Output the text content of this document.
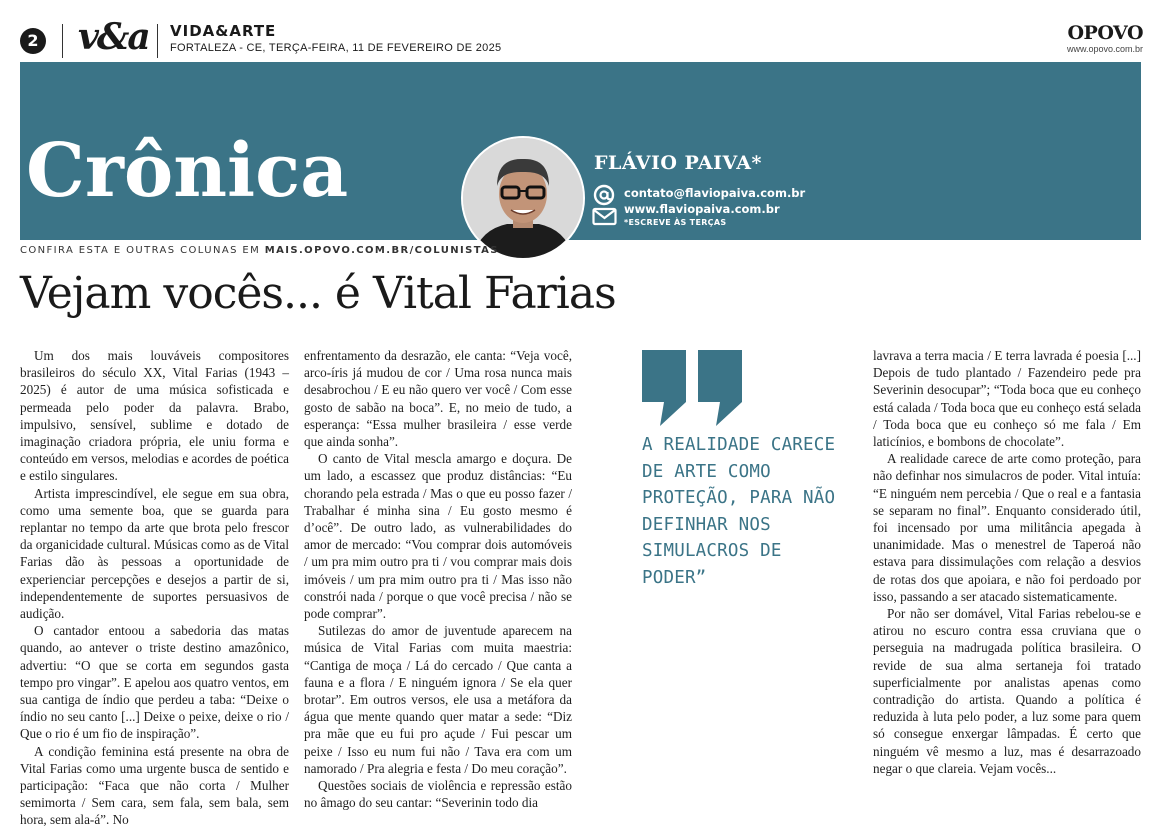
2 v&a VIDA&ARTE
FORTALEZA - CE, TERÇA-FEIRA, 11 DE FEVEREIRO DE 2025
OPOVO
www.opovo.com.br
Crônica	FLÁVIO PAIVA*
contato@flaviopaiva.com.br
www.flaviopaiva.com.br
*ESCREVE ÀS TERÇAS
CONFIRA ESTA E OUTRAS COLUNAS EM MAIS.OPOVO.COM.BR/COLUNISTAS
Vejam vocês... é Vital Farias

Um dos mais louváveis compositores brasileiros do século XX, Vital Farias (1943 – 2025) é autor de uma música sofisticada e permeada pelo poder da palavra. Brabo, impulsivo, sensível, sublime e dotado de imaginação criadora própria, ele uniu forma e conteúdo em versos, melodias e acordes de poética e estilo singulares.

Artista imprescindível, ele segue em sua obra, como uma semente boa, que se guarda para replantar no tempo da arte que brota pelo frescor da organicidade cultural. Músicas como as de Vital Farias dão às pessoas a oportunidade de experienciar percepções e desejos a partir de si, independentemente de suportes persuasivos de audição.

O cantador entoou a sabedoria das matas quando, ao antever o triste destino amazônico, advertiu: “O que se corta em segundos gasta tempo pro vingar”. E apelou aos quatro ventos, em sua cantiga de índio que perdeu a taba: “Deixe o índio no seu canto [...] Deixe o peixe, deixe o rio / Que o rio é um fio de inspiração”.

A condição feminina está presente na obra de Vital Farias como uma urgente busca de sentido e participação: “Faca que não corta / Mulher semimorta / Sem cara, sem fala, sem bala, sem hora, sem ala-á”. No

enfrentamento da desrazão, ele canta: “Veja você, arco-íris já mudou de cor / Uma rosa nunca mais desabrochou / E eu não quero ver você / Com esse gosto de sabão na boca”. E, no meio de tudo, a esperança: “Essa mulher brasileira / esse verde que ainda sonha”.

O canto de Vital mescla amargo e doçura. De um lado, a escassez que produz distâncias: “Eu chorando pela estrada / Mas o que eu posso fazer / Trabalhar é minha sina / Eu gosto mesmo é d’ocê”. De outro lado, as vulnerabilidades do amor de mercado: “Vou comprar dois automóveis / um pra mim outro pra ti / vou comprar mais dois imóveis / um pra mim outro pra ti / Mas isso não constrói nada / porque o que você precisa / não se pode comprar”.

Sutilezas do amor de juventude aparecem na música de Vital Farias com muita maestria: “Cantiga de moça / Lá do cercado / Que canta a fauna e a flora / E ninguém ignora / Se ela quer brotar”. Em outros versos, ele usa a metáfora da água que mente quando quer matar a sede: “Diz pra mãe que eu fui pro açude / Fui pescar um peixe / Isso eu num fui não / Tava era com um namorado / Pra alegria e festa / Do meu coração”.

Questões sociais de violência e repressão estão no âmago do seu cantar: “Severinin todo dia

A REALIDADE CARECE DE ARTE COMO PROTEÇÃO, PARA NÃO DEFINHAR NOS SIMULACROS DE PODER”

lavrava a terra macia / E terra lavrada é poesia [...] Depois de tudo plantado / Fazendeiro pede pra Severinin desocupar”; “Toda boca que eu conheço está calada / Toda boca que eu conheço está selada / Toda boca que eu conheço só me fala / Em laticínios, e bombons de chocolate”.

A realidade carece de arte como proteção, para não definhar nos simulacros de poder. Vital intuía: “E ninguém nem percebia / Que o real e a fantasia se separam no final”. Enquanto considerado útil, foi incensado por uma militância apegada à unanimidade. Mas o menestrel de Taperoá não estava para dissimulações com relação a desvios de rotas dos que apoiara, e não foi perdoado por isso, passando a ser atacado sistematicamente.

Por não ser domável, Vital Farias rebelou-se e atirou no escuro contra essa cruviana que o perseguia na madrugada política brasileira. O revide de sua alma sertaneja foi tratado superficialmente por analistas apenas como contradição do artista. Quando a política é reduzida à luta pelo poder, a luz some para quem só consegue enxergar lâmpadas. É certo que ninguém vê mesmo a luz, mas é desarrazoado negar o que clareia. Vejam vocês...
